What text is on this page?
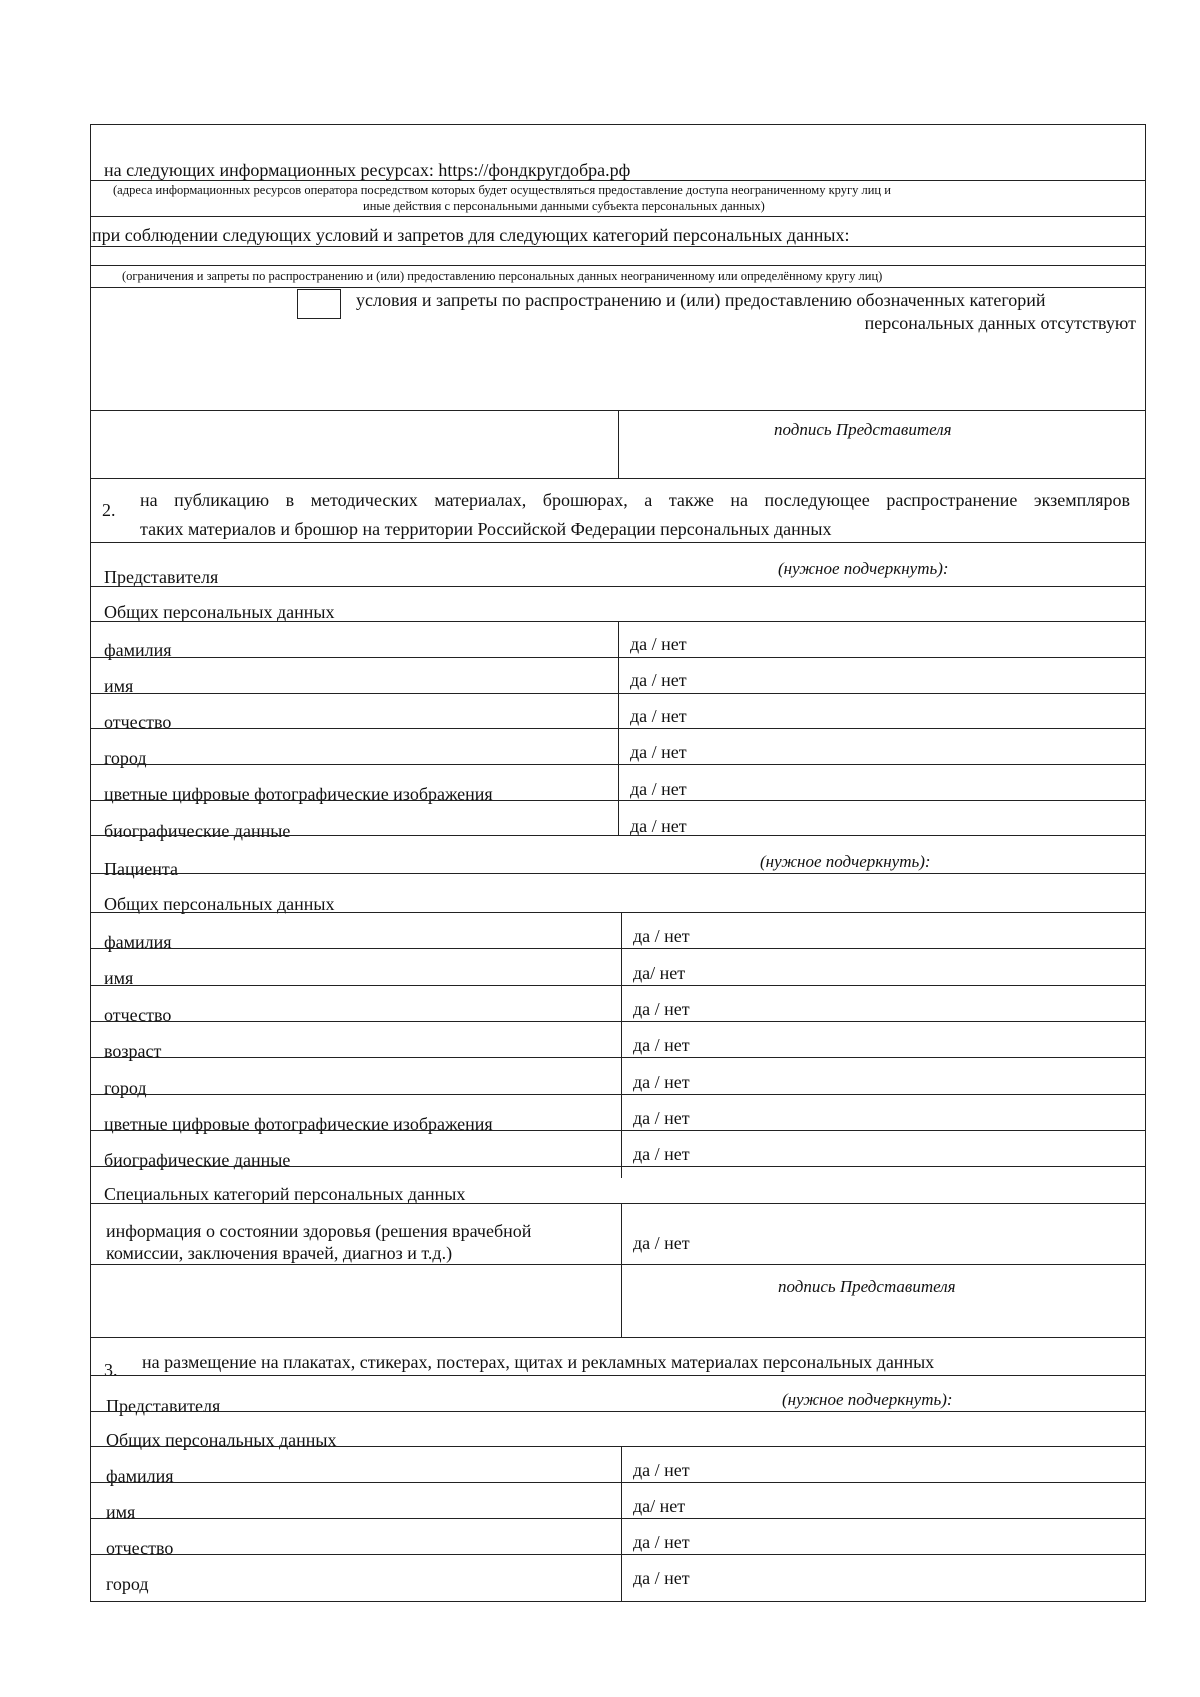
на следующих информационных ресурсах: https://фондкругдобра.рф
(адреса информационных ресурсов оператора посредством которых будет осуществляться предоставление доступа неограниченному кругу лиц и
иные действия с персональными данными субъекта персональных данных)
при соблюдении следующих условий и запретов для следующих категорий персональных данных:
(ограничения и запреты по распространению и (или) предоставлению персональных данных неограниченному или определённому кругу лиц)
условия и запреты по распространению и (или) предоставлению обозначенных категорий
персональных данных отсутствуют
подпись Представителя
2. на публикацию в методических материалах, брошюрах, а также на последующее распространение экземпляров
таких материалов и брошюр на территории Российской Федерации персональных данных
Представителя	(нужное подчеркнуть):
Общих персональных данных
фамилия	да / нет
имя	да / нет
отчество	да / нет
город	да / нет
цветные цифровые фотографические изображения	да / нет
биографические данные	да / нет
Пациента	(нужное подчеркнуть):
Общих персональных данных
фамилия	да / нет
имя	да/ нет
отчество	да / нет
возраст	да / нет
город	да / нет
цветные цифровые фотографические изображения	да / нет
биографические данные	да / нет
Специальных категорий персональных данных
информация о состоянии здоровья (решения врачебной
комиссии, заключения врачей, диагноз и т.д.)	да / нет
подпись Представителя
3. на размещение на плакатах, стикерах, постерах, щитах и рекламных материалах персональных данных
Представителя	(нужное подчеркнуть):
Общих персональных данных
фамилия	да / нет
имя	да/ нет
отчество	да / нет
город	да / нет
